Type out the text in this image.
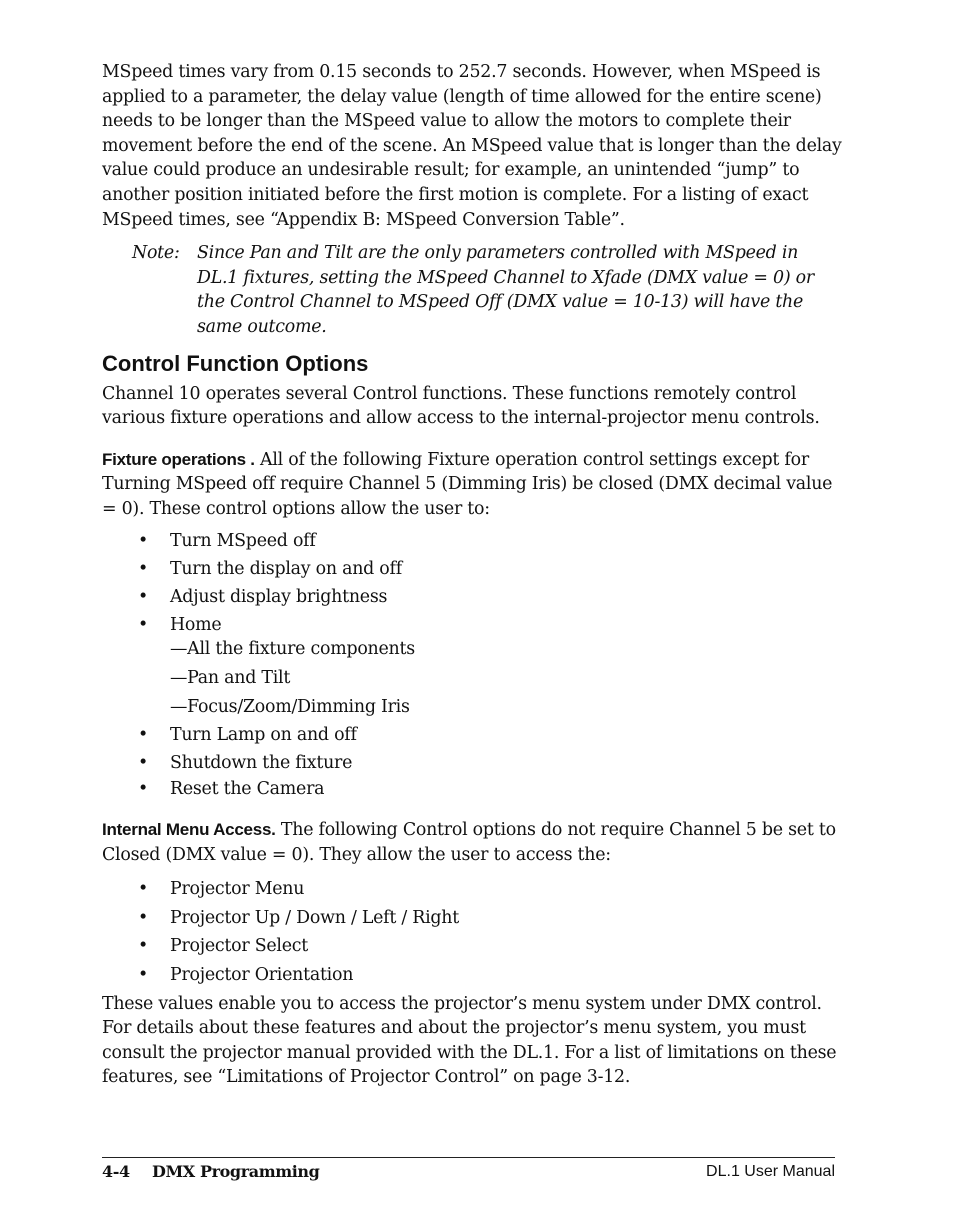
MSpeed times vary from 0.15 seconds to 252.7 seconds. However, when MSpeed is applied to a parameter, the delay value (length of time allowed for the entire scene) needs to be longer than the MSpeed value to allow the motors to complete their movement before the end of the scene. An MSpeed value that is longer than the delay value could produce an undesirable result; for example, an unintended “jump” to another position initiated before the first motion is complete. For a listing of exact MSpeed times, see “Appendix B: MSpeed Conversion Table”.

Note: Since Pan and Tilt are the only parameters controlled with MSpeed in DL.1 fixtures, setting the MSpeed Channel to Xfade (DMX value = 0) or the Control Channel to MSpeed Off (DMX value = 10-13) will have the same outcome.
Control Function Options

Channel 10 operates several Control functions. These functions remotely control various fixture operations and allow access to the internal-projector menu controls.

Fixture operations . All of the following Fixture operation control settings except for Turning MSpeed off require Channel 5 (Dimming Iris) be closed (DMX decimal value = 0). These control options allow the user to:

• Turn MSpeed off
• Turn the display on and off
• Adjust display brightness
• Home
—All the fixture components
—Pan and Tilt
—Focus/Zoom/Dimming Iris
• Turn Lamp on and off
• Shutdown the fixture
• Reset the Camera

Internal Menu Access. The following Control options do not require Channel 5 be set to Closed (DMX value = 0). They allow the user to access the:

• Projector Menu
• Projector Up / Down / Left / Right
• Projector Select
• Projector Orientation

These values enable you to access the projector’s menu system under DMX control. For details about these features and about the projector’s menu system, you must consult the projector manual provided with the DL.1. For a list of limitations on these features, see “Limitations of Projector Control” on page 3-12.

4-4 DMX Programming	DL.1 User Manual
